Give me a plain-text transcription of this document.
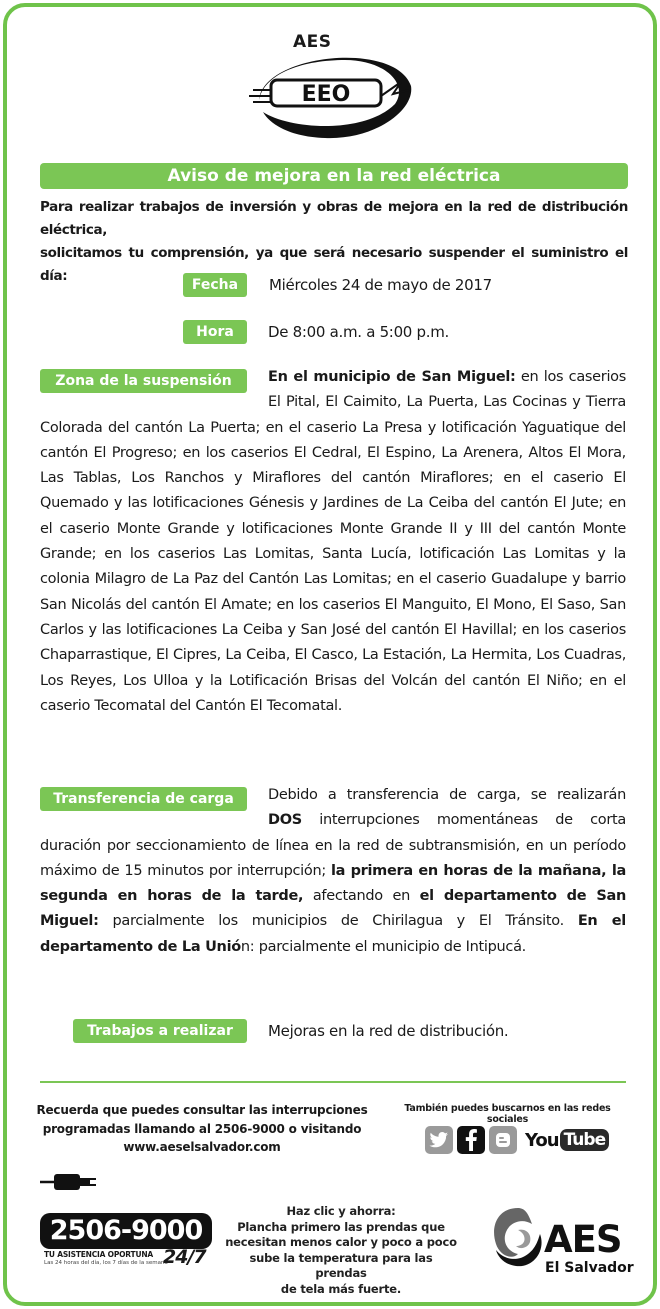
AES
EEO
Aviso de mejora en la red eléctrica
Para realizar trabajos de inversión y obras de mejora en la red de distribución eléctrica,
solicitamos tu comprensión, ya que será necesario suspender el suministro el día:
Fecha	Miércoles 24 de mayo de 2017
Hora	De 8:00 a.m. a 5:00 p.m.
Zona de la suspensión	En el municipio de San Miguel: en los caserios El Pital, El Caimito, La Puerta, Las Cocinas y Tierra Colorada del cantón La Puerta; en el caserio La Presa y lotificación Yaguatique del cantón El Progreso; en los caserios El Cedral, El Espino, La Arenera, Altos El Mora, Las Tablas, Los Ranchos y Miraflores del cantón Miraflores; en el caserio El Quemado y las lotificaciones Génesis y Jardines de La Ceiba del cantón El Jute; en el caserio Monte Grande y lotificaciones Monte Grande II y III del cantón Monte Grande; en los caserios Las Lomitas, Santa Lucía, lotificación Las Lomitas y la colonia Milagro de La Paz del Cantón Las Lomitas; en el caserio Guadalupe y barrio San Nicolás del cantón El Amate; en los caserios El Manguito, El Mono, El Saso, San Carlos y las lotificaciones La Ceiba y San José del cantón El Havillal; en los caserios Chaparrastique, El Cipres, La Ceiba, El Casco, La Estación, La Hermita, Los Cuadras, Los Reyes, Los Ulloa y la Lotificación Brisas del Volcán del cantón El Niño; en el caserio Tecomatal del Cantón El Tecomatal.
Transferencia de carga	Debido a transferencia de carga, se realizarán DOS interrupciones momentáneas de corta duración por seccionamiento de línea en la red de subtransmisión, en un período máximo de 15 minutos por interrupción; la primera en horas de la mañana, la segunda en horas de la tarde, afectando en el departamento de San Miguel: parcialmente los municipios de Chirilagua y El Tránsito. En el departamento de La Unión: parcialmente el municipio de Intipucá.
Trabajos a realizar	Mejoras en la red de distribución.
Recuerda que puedes consultar las interrupciones
programadas llamando al 2506-9000 o visitando
www.aeselsalvador.com
También puedes buscarnos en las redes sociales
You Tube
2506-9000
TU ASISTENCIA OPORTUNA
Las 24 horas del día, los 7 días de la semana
24/7
Haz clic y ahorra:
Plancha primero las prendas que
necesitan menos calor y poco a poco
sube la temperatura para las prendas
de tela más fuerte.
AES
El Salvador
